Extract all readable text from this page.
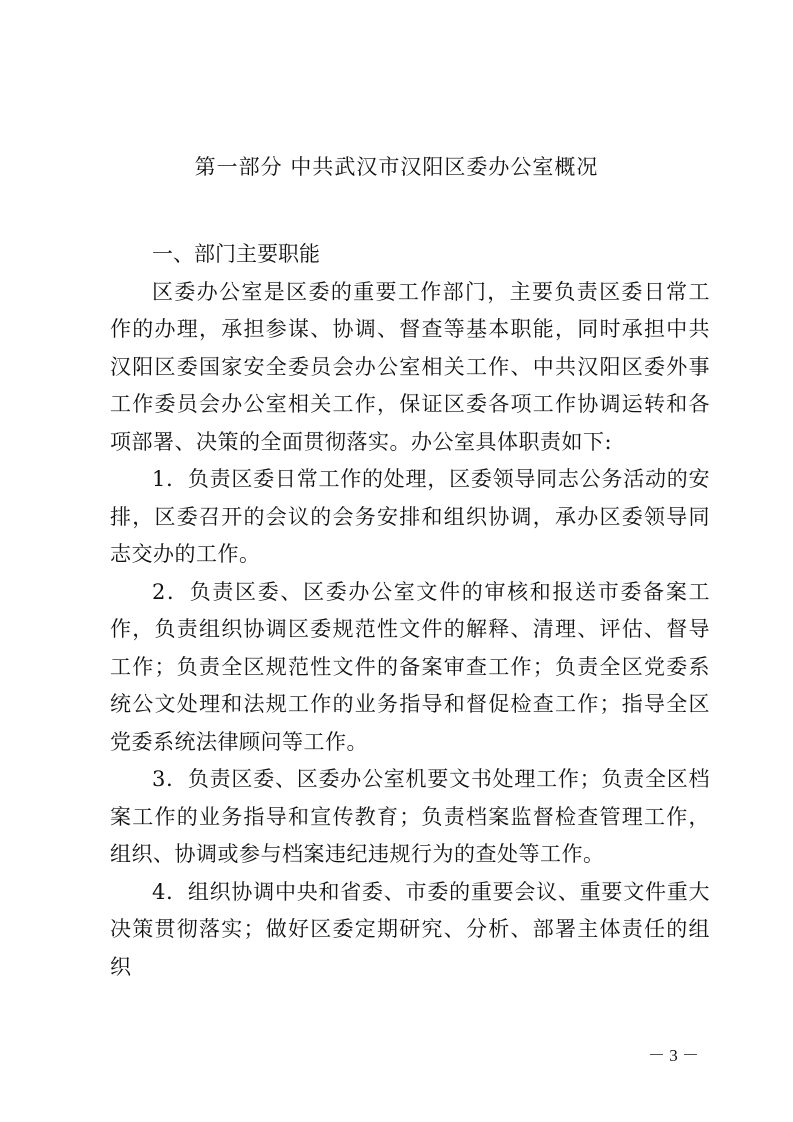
第一部分 中共武汉市汉阳区委办公室概况

一、部门主要职能

区委办公室是区委的重要工作部门，主要负责区委日常工作的办理，承担参谋、协调、督查等基本职能，同时承担中共汉阳区委国家安全委员会办公室相关工作、中共汉阳区委外事工作委员会办公室相关工作，保证区委各项工作协调运转和各项部署、决策的全面贯彻落实。办公室具体职责如下:

1．负责区委日常工作的处理，区委领导同志公务活动的安排，区委召开的会议的会务安排和组织协调，承办区委领导同志交办的工作。

2．负责区委、区委办公室文件的审核和报送市委备案工作，负责组织协调区委规范性文件的解释、清理、评估、督导工作；负责全区规范性文件的备案审查工作；负责全区党委系统公文处理和法规工作的业务指导和督促检查工作；指导全区党委系统法律顾问等工作。

3．负责区委、区委办公室机要文书处理工作；负责全区档案工作的业务指导和宣传教育；负责档案监督检查管理工作，组织、协调或参与档案违纪违规行为的查处等工作。

4．组织协调中央和省委、市委的重要会议、重要文件重大决策贯彻落实；做好区委定期研究、分析、部署主体责任的组织

－ 3 －
